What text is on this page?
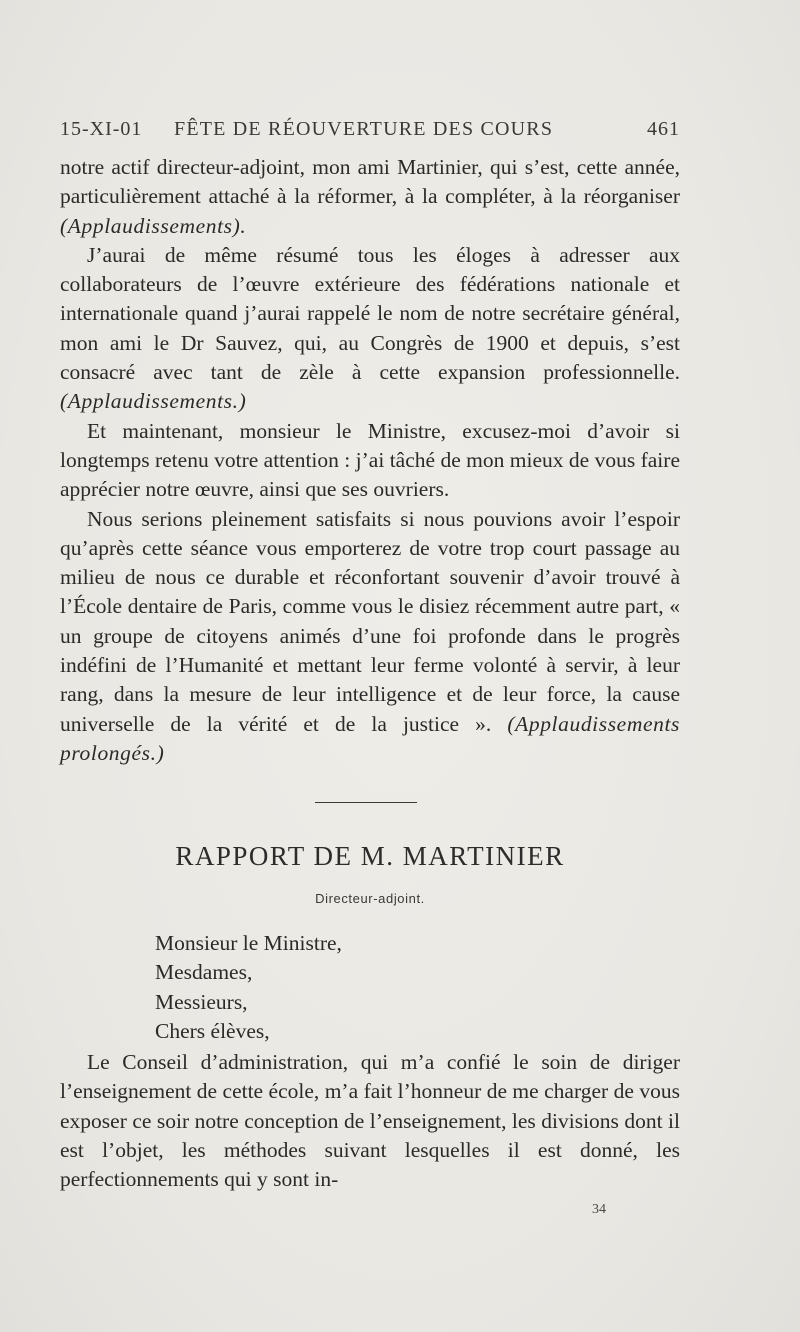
15-XI-01 FÊTE DE RÉOUVERTURE DES COURS	461

notre actif directeur-adjoint, mon ami Martinier, qui s’est, cette année, particulièrement attaché à la réformer, à la compléter, à la réorganiser (Applaudissements).

J’aurai de même résumé tous les éloges à adresser aux collaborateurs de l’œuvre extérieure des fédérations nationale et internationale quand j’aurai rappelé le nom de notre secrétaire général, mon ami le Dr Sauvez, qui, au Congrès de 1900 et depuis, s’est consacré avec tant de zèle à cette expansion professionnelle. (Applaudissements.)

Et maintenant, monsieur le Ministre, excusez-moi d’avoir si longtemps retenu votre attention : j’ai tâché de mon mieux de vous faire apprécier notre œuvre, ainsi que ses ouvriers.

Nous serions pleinement satisfaits si nous pouvions avoir l’espoir qu’après cette séance vous emporterez de votre trop court passage au milieu de nous ce durable et réconfortant souvenir d’avoir trouvé à l’École dentaire de Paris, comme vous le disiez récemment autre part, « un groupe de citoyens animés d’une foi profonde dans le progrès indéfini de l’Humanité et mettant leur ferme volonté à servir, à leur rang, dans la mesure de leur intelligence et de leur force, la cause universelle de la vérité et de la justice ». (Applaudissements prolongés.)

RAPPORT DE M. MARTINIER
Directeur-adjoint.
Monsieur le Ministre,
Mesdames,
Messieurs,
Chers élèves,

Le Conseil d’administration, qui m’a confié le soin de diriger l’enseignement de cette école, m’a fait l’honneur de me charger de vous exposer ce soir notre conception de l’enseignement, les divisions dont il est l’objet, les méthodes suivant lesquelles il est donné, les perfectionnements qui y sont in-

34
